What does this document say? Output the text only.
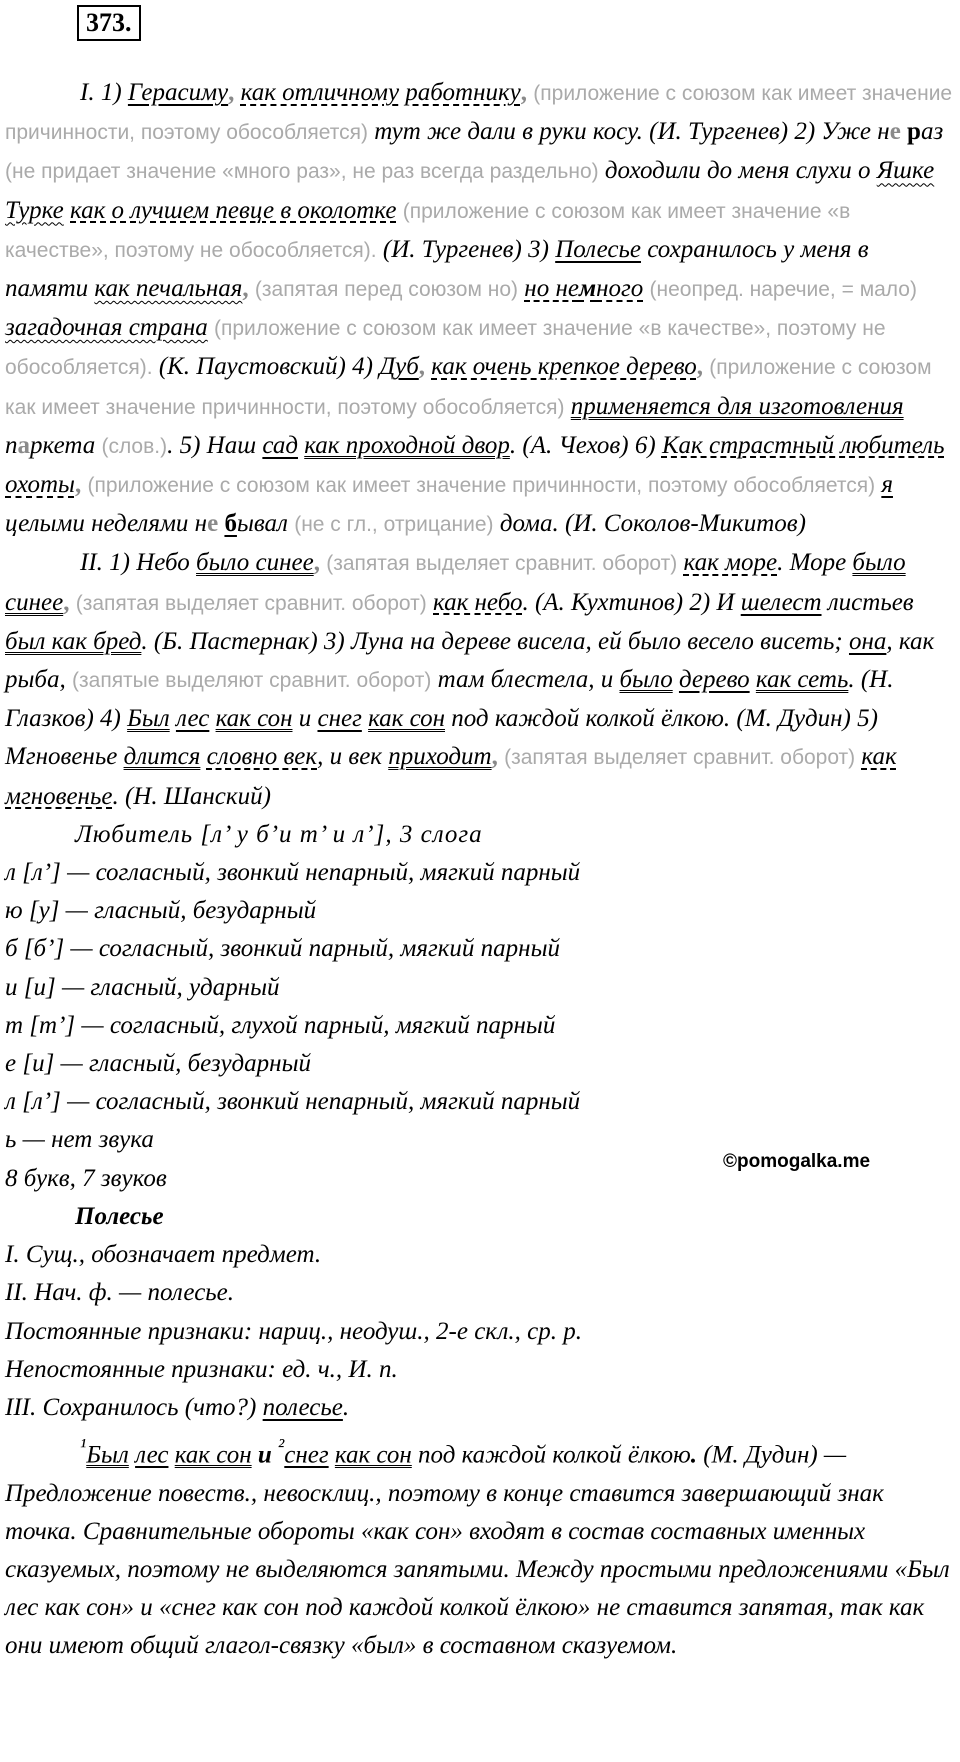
373.

I. 1) Герасиму, как отличному работнику, (приложение с союзом как имеет значение причинности, поэтому обособляется) тут же дали в руки косу. (И. Тургенев) 2) Уже не раз (не придает значение «много раз», не раз всегда раздельно) доходили до меня слухи о Яшке Турке как о лучшем певце в околотке (приложение с союзом как имеет значение «в качестве», поэтому не обособляется). (И. Тургенев) 3) Полесье сохранилось у меня в памяти как печальная, (запятая перед союзом но) но немного (неопред. наречие, = мало) загадочная страна (приложение с союзом как имеет значение «в качестве», поэтому не обособляется). (К. Паустовский) 4) Дуб, как очень крепкое дерево, (приложение с союзом как имеет значение причинности, поэтому обособляется) применяется для изготовления паркета (слов.). 5) Наш сад как проходной двор. (А. Чехов) 6) Как страстный любитель охоты, (приложение с союзом как имеет значение причинности, поэтому обособляется) я целыми неделями не бывал (не с гл., отрицание) дома. (И. Соколов-Микитов)

II. 1) Небо было синее, (запятая выделяет сравнит. оборот) как море. Море было синее, (запятая выделяет сравнит. оборот) как небо. (А. Кухтинов) 2) И шелест листьев был как бред. (Б. Пастернак) 3) Луна на дереве висела, ей было весело висеть; она, как рыба, (запятые выделяют сравнит. оборот) там блестела, и было дерево как сеть. (Н. Глазков) 4) Был лес как сон и снег как сон под каждой колкой ёлкою. (М. Дудин) 5) Мгновенье длится словно век, и век приходит, (запятая выделяет сравнит. оборот) как мгновенье. (Н. Шанский)

Любитель [л’ у б’и т’ и л’], 3 слога

л [л’] — согласный, звонкий непарный, мягкий парный

ю [у] — гласный, безударный

б [б’] — согласный, звонкий парный, мягкий парный

и [и] — гласный, ударный

т [т’] — согласный, глухой парный, мягкий парный

е [и] — гласный, безударный

л [л’] — согласный, звонкий непарный, мягкий парный

ь — нет звука

8 букв, 7 звуков

Полесье

I. Сущ., обозначает предмет.

II. Нач. ф. — полесье.

Постоянные признаки: нариц., неодуш., 2-е скл., ср. р.

Непостоянные признаки: ед. ч., И. п.

III. Сохранилось (что?) полесье.

$^{^1}$Был лес как сон и $^{^2}$снег как сон под каждой колкой ёлкою. (М. Дудин) — Предложение повеств., невосклиц., поэтому в конце ставится завершающий знак точка. Сравнительные обороты «как сон» входят в состав составных именных сказуемых, поэтому не выделяются запятыми. Между простыми предложениями «Был лес как сон» и «снег как сон под каждой колкой ёлкою» не ставится запятая, так как они имеют общий глагол-связку «был» в составном сказуемом.

©pomogalka.me
